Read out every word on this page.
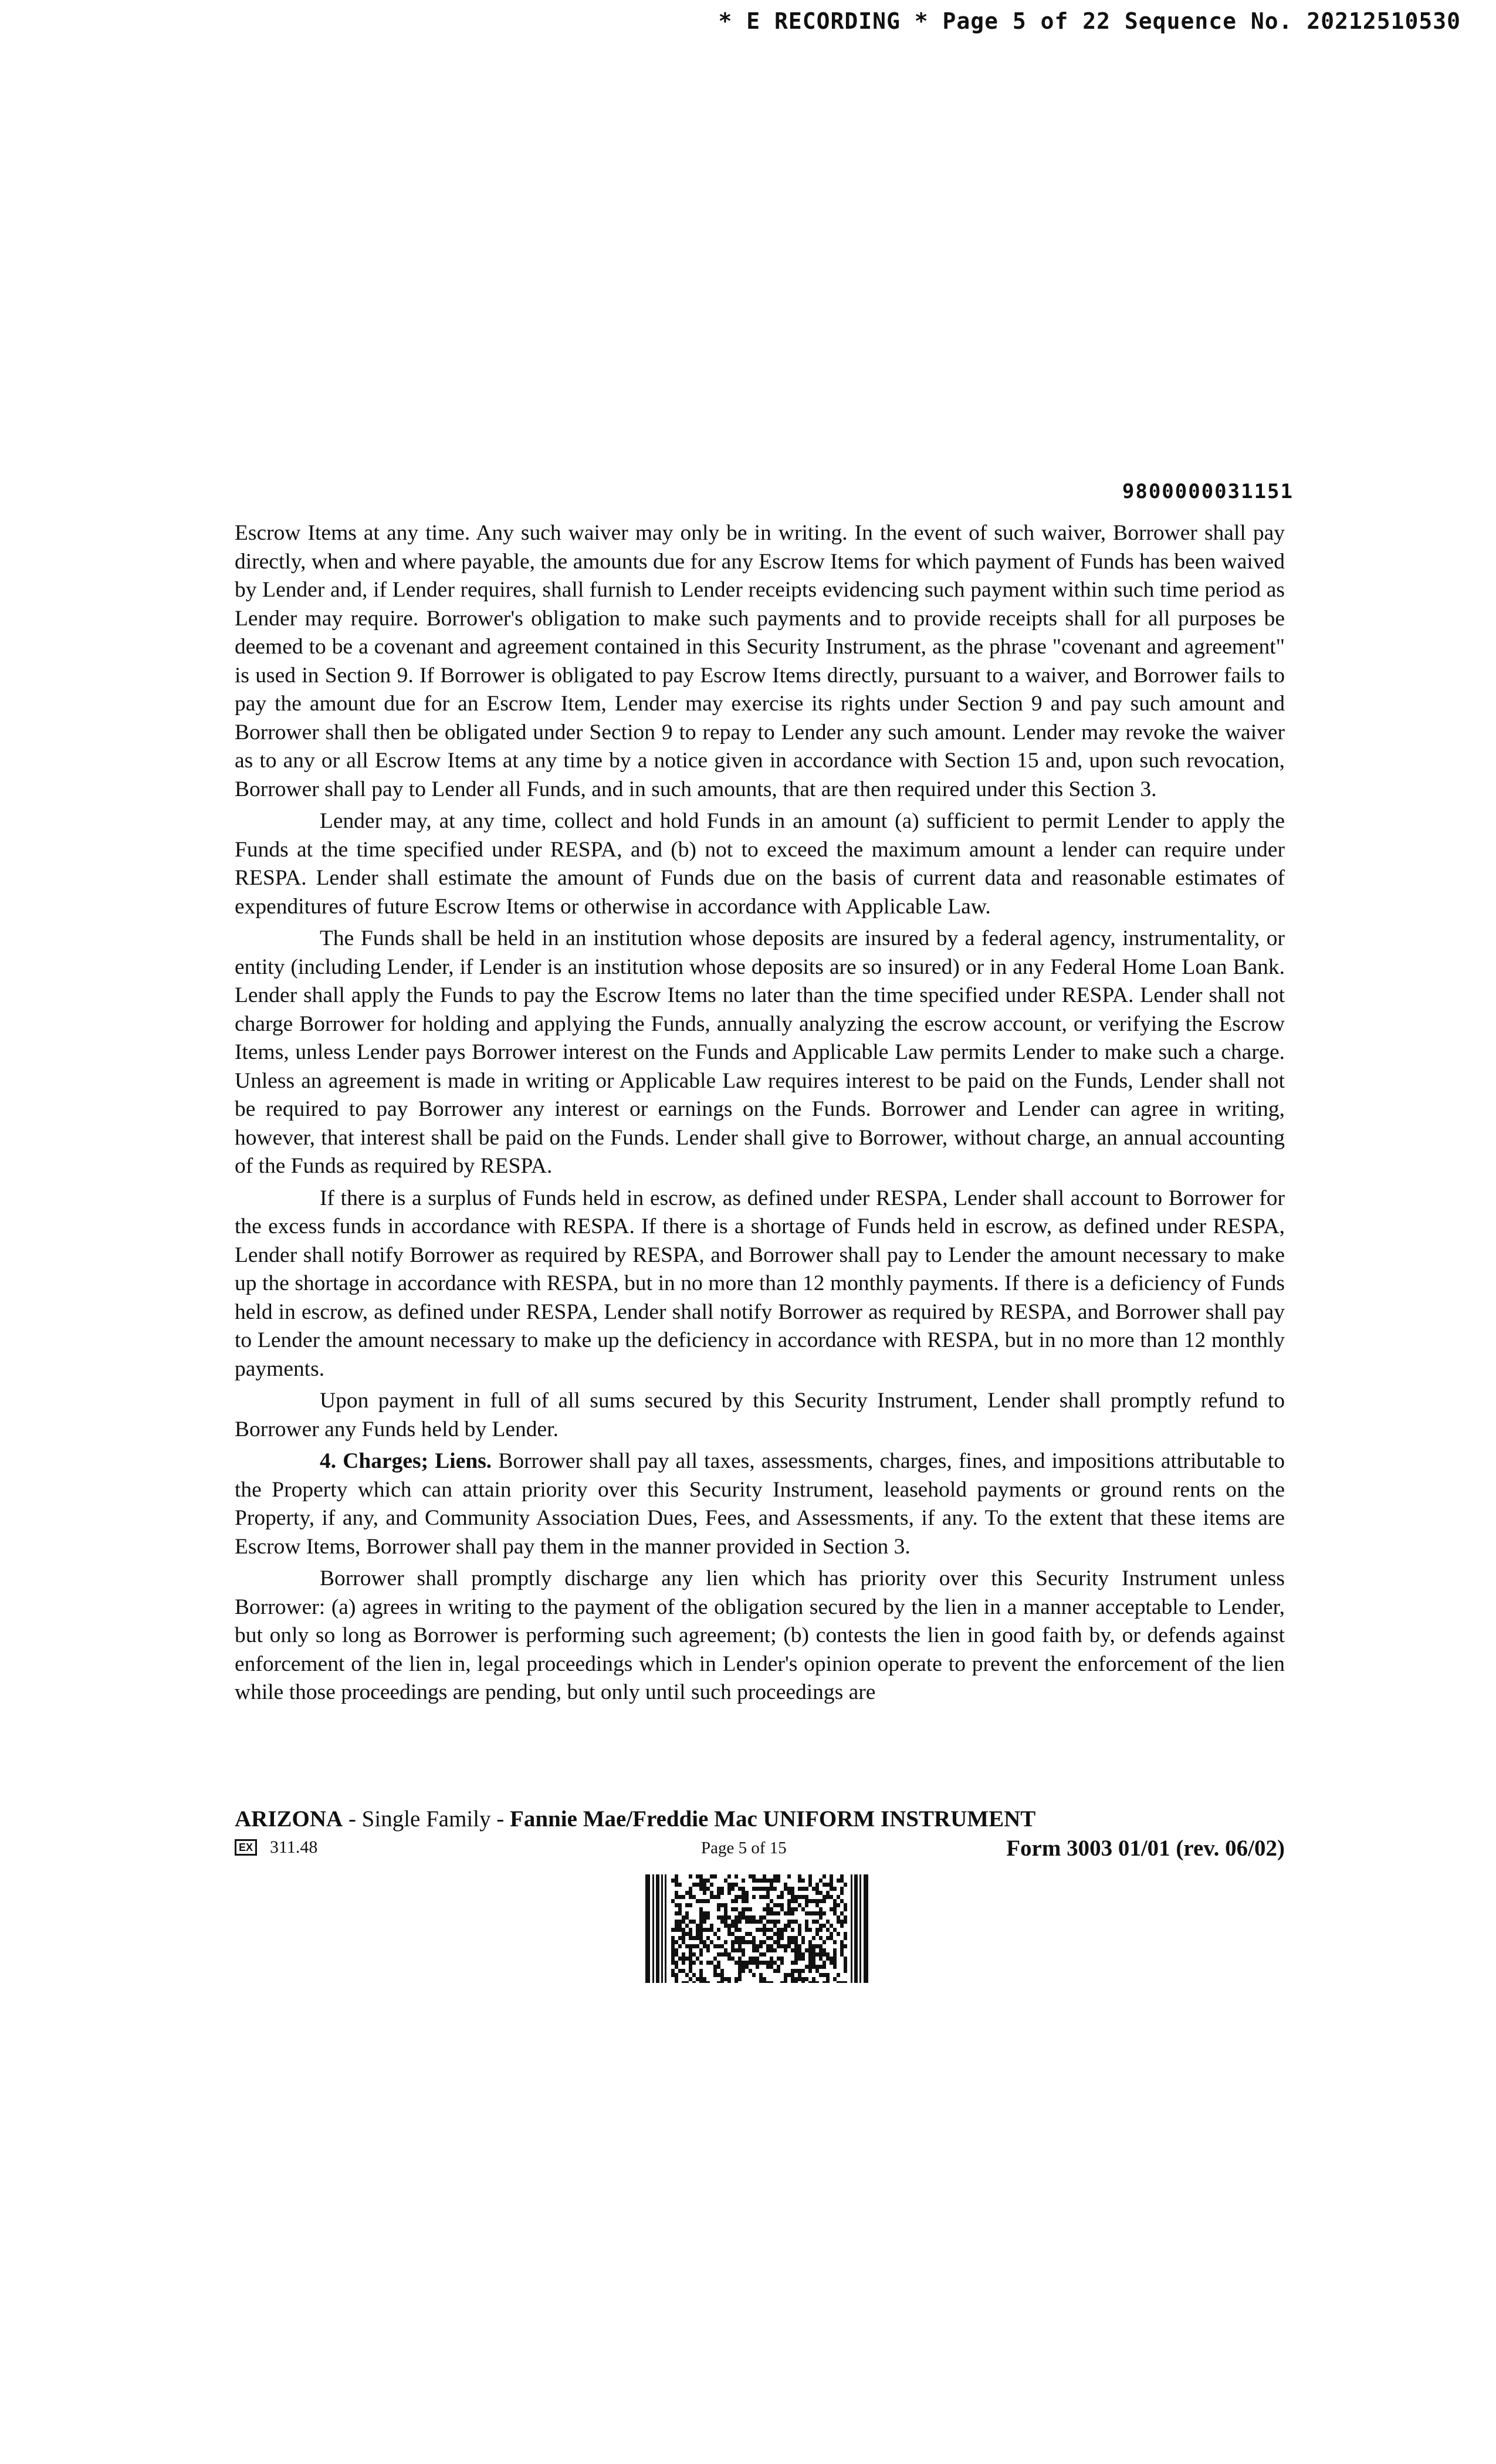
* E RECORDING * Page 5 of 22 Sequence No. 20212510530
9800000031151

Escrow Items at any time. Any such waiver may only be in writing. In the event of such waiver, Borrower shall pay directly, when and where payable, the amounts due for any Escrow Items for which payment of Funds has been waived by Lender and, if Lender requires, shall furnish to Lender receipts evidencing such payment within such time period as Lender may require. Borrower's obligation to make such payments and to provide receipts shall for all purposes be deemed to be a covenant and agreement contained in this Security Instrument, as the phrase "covenant and agreement" is used in Section 9. If Borrower is obligated to pay Escrow Items directly, pursuant to a waiver, and Borrower fails to pay the amount due for an Escrow Item, Lender may exercise its rights under Section 9 and pay such amount and Borrower shall then be obligated under Section 9 to repay to Lender any such amount. Lender may revoke the waiver as to any or all Escrow Items at any time by a notice given in accordance with Section 15 and, upon such revocation, Borrower shall pay to Lender all Funds, and in such amounts, that are then required under this Section 3.

Lender may, at any time, collect and hold Funds in an amount (a) sufficient to permit Lender to apply the Funds at the time specified under RESPA, and (b) not to exceed the maximum amount a lender can require under RESPA. Lender shall estimate the amount of Funds due on the basis of current data and reasonable estimates of expenditures of future Escrow Items or otherwise in accordance with Applicable Law.

The Funds shall be held in an institution whose deposits are insured by a federal agency, instrumentality, or entity (including Lender, if Lender is an institution whose deposits are so insured) or in any Federal Home Loan Bank. Lender shall apply the Funds to pay the Escrow Items no later than the time specified under RESPA. Lender shall not charge Borrower for holding and applying the Funds, annually analyzing the escrow account, or verifying the Escrow Items, unless Lender pays Borrower interest on the Funds and Applicable Law permits Lender to make such a charge. Unless an agreement is made in writing or Applicable Law requires interest to be paid on the Funds, Lender shall not be required to pay Borrower any interest or earnings on the Funds. Borrower and Lender can agree in writing, however, that interest shall be paid on the Funds. Lender shall give to Borrower, without charge, an annual accounting of the Funds as required by RESPA.

If there is a surplus of Funds held in escrow, as defined under RESPA, Lender shall account to Borrower for the excess funds in accordance with RESPA. If there is a shortage of Funds held in escrow, as defined under RESPA, Lender shall notify Borrower as required by RESPA, and Borrower shall pay to Lender the amount necessary to make up the shortage in accordance with RESPA, but in no more than 12 monthly payments. If there is a deficiency of Funds held in escrow, as defined under RESPA, Lender shall notify Borrower as required by RESPA, and Borrower shall pay to Lender the amount necessary to make up the deficiency in accordance with RESPA, but in no more than 12 monthly payments.

Upon payment in full of all sums secured by this Security Instrument, Lender shall promptly refund to Borrower any Funds held by Lender.

4. Charges; Liens. Borrower shall pay all taxes, assessments, charges, fines, and impositions attributable to the Property which can attain priority over this Security Instrument, leasehold payments or ground rents on the Property, if any, and Community Association Dues, Fees, and Assessments, if any. To the extent that these items are Escrow Items, Borrower shall pay them in the manner provided in Section 3.

Borrower shall promptly discharge any lien which has priority over this Security Instrument unless Borrower: (a) agrees in writing to the payment of the obligation secured by the lien in a manner acceptable to Lender, but only so long as Borrower is performing such agreement; (b) contests the lien in good faith by, or defends against enforcement of the lien in, legal proceedings which in Lender's opinion operate to prevent the enforcement of the lien while those proceedings are pending, but only until such proceedings are

ARIZONA - Single Family - Fannie Mae/Freddie Mac UNIFORM INSTRUMENT
EX 311.48	Page 5 of 15	Form 3003 01/01 (rev. 06/02)
